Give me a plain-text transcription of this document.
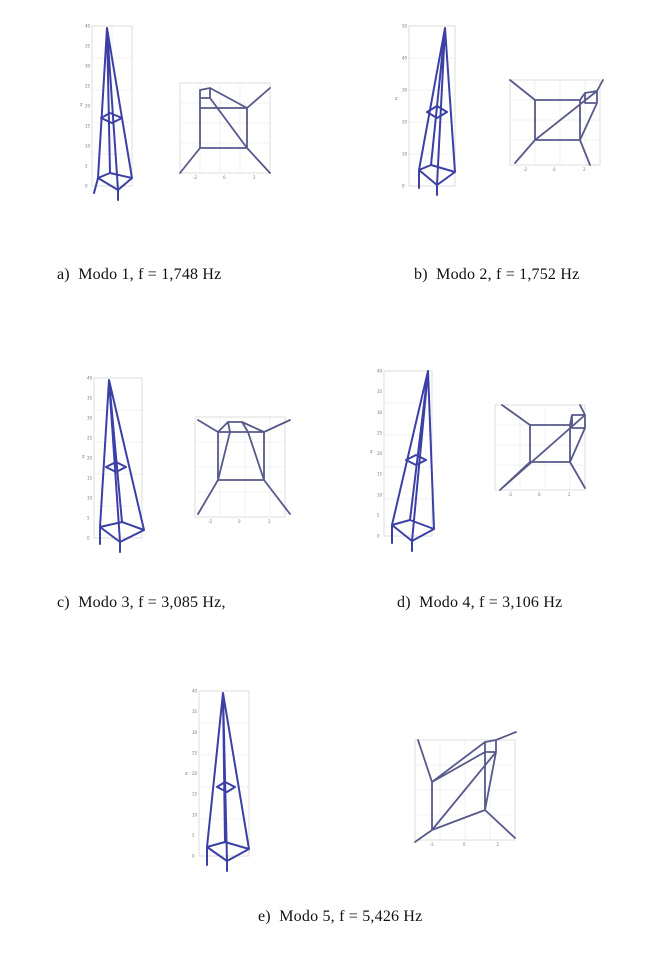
40
35
30
25
20
15
10
5
0
z
-2	0	2
a) Modo 1, f = 1,748 Hz
50
40
30
20
10
0
z
-2	0	2
b) Modo 2, f = 1,752 Hz
40
35
30
25
20
15
10
5
0
z
-2	0	2
c) Modo 3, f = 3,085 Hz,
40
35
30
25
20
15
10
5
0
z
-2	0	2
d) Modo 4, f = 3,106 Hz
40
35
30
25
20
15
10
5
0
z
-2	0	2
e) Modo 5, f = 5,426 Hz
